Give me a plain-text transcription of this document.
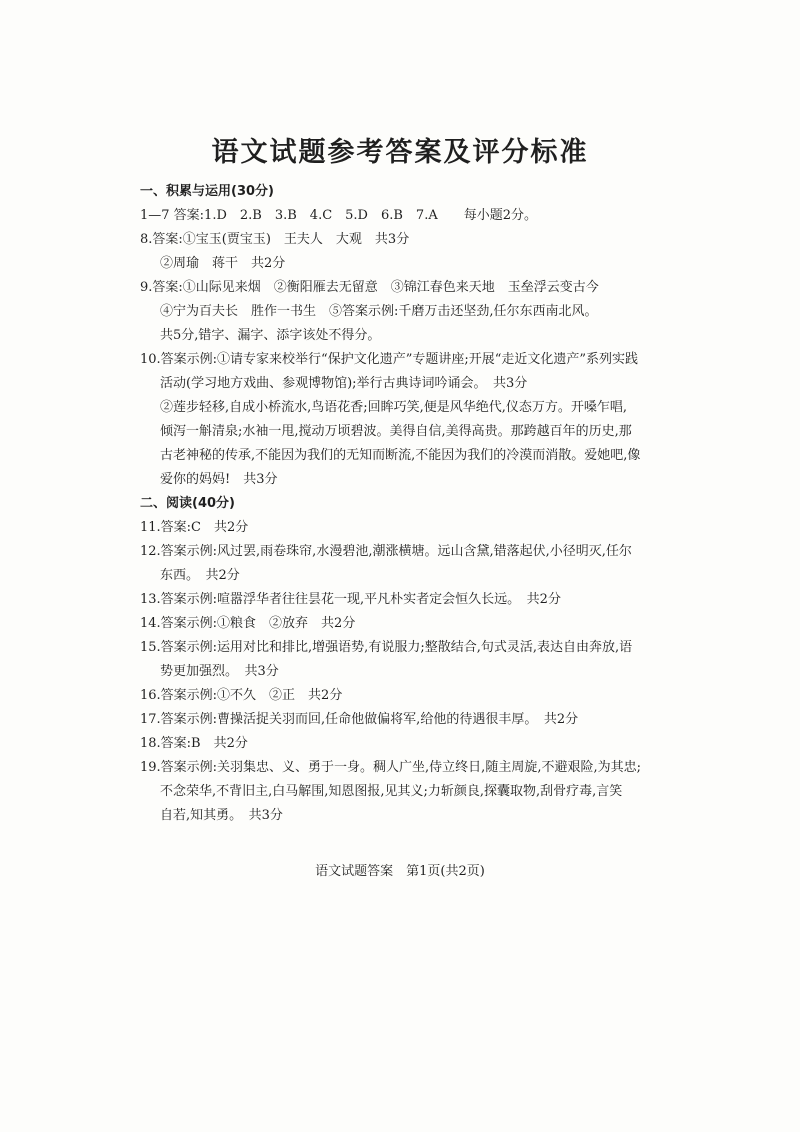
语文试题参考答案及评分标准
一、积累与运用(30分)
1—7 答案:1.D　2.B　3.B　4.C　5.D　6.B　7.A　　每小题2分。
8.答案:①宝玉(贾宝玉)　王夫人　大观　共3分
②周瑜　蒋干　共2分
9.答案:①山际见来烟　②衡阳雁去无留意　③锦江春色来天地　玉垒浮云变古今
④宁为百夫长　胜作一书生　⑤答案示例:千磨万击还坚劲,任尔东西南北风。
共5分,错字、漏字、添字该处不得分。
10.答案示例:①请专家来校举行“保护文化遗产”专题讲座;开展“走近文化遗产”系列实践
活动(学习地方戏曲、参观博物馆);举行古典诗词吟诵会。　共3分
②莲步轻移,自成小桥流水,鸟语花香;回眸巧笑,便是风华绝代,仪态万方。开嗓乍唱,
倾泻一斛清泉;水袖一甩,搅动万顷碧波。美得自信,美得高贵。那跨越百年的历史,那
古老神秘的传承,不能因为我们的无知而断流,不能因为我们的冷漠而消散。爱她吧,像
爱你的妈妈!　共3分
二、阅读(40分)
11.答案:C　共2分
12.答案示例:风过罢,雨卷珠帘,水漫碧池,潮涨横塘。远山含黛,错落起伏,小径明灭,任尔
东西。　共2分
13.答案示例:喧嚣浮华者往往昙花一现,平凡朴实者定会恒久长远。　共2分
14.答案示例:①粮食　②放弃　共2分
15.答案示例:运用对比和排比,增强语势,有说服力;整散结合,句式灵活,表达自由奔放,语
势更加强烈。　共3分
16.答案示例:①不久　②正　共2分
17.答案示例:曹操活捉关羽而回,任命他做偏将军,给他的待遇很丰厚。　共2分
18.答案:B　共2分
19.答案示例:关羽集忠、义、勇于一身。稠人广坐,侍立终日,随主周旋,不避艰险,为其忠;
不念荣华,不背旧主,白马解围,知恩图报,见其义;力斩颜良,探囊取物,刮骨疗毒,言笑
自若,知其勇。　共3分
语文试题答案　第1页(共2页)
